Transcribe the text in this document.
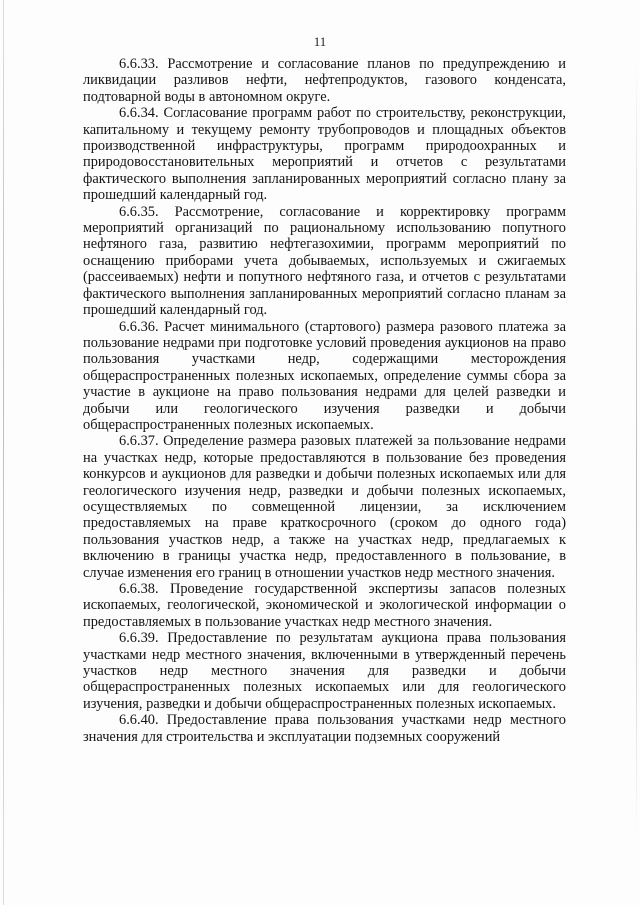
11

6.6.33. Рассмотрение и согласование планов по предупреждению и ликвидации разливов нефти, нефтепродуктов, газового конденсата, подтоварной воды в автономном округе.

6.6.34. Согласование программ работ по строительству, реконструкции, капитальному и текущему ремонту трубопроводов и площадных объектов производственной инфраструктуры, программ природоохранных и природовосстановительных мероприятий и отчетов с результатами фактического выполнения запланированных мероприятий согласно плану за прошедший календарный год.

6.6.35. Рассмотрение, согласование и корректировку программ мероприятий организаций по рациональному использованию попутного нефтяного газа, развитию нефтегазохимии, программ мероприятий по оснащению приборами учета добываемых, используемых и сжигаемых (рассеиваемых) нефти и попутного нефтяного газа, и отчетов с результатами фактического выполнения запланированных мероприятий согласно планам за прошедший календарный год.

6.6.36. Расчет минимального (стартового) размера разового платежа за пользование недрами при подготовке условий проведения аукционов на право пользования участками недр, содержащими месторождения общераспространенных полезных ископаемых, определение суммы сбора за участие в аукционе на право пользования недрами для целей разведки и добычи или геологического изучения разведки и добычи общераспространенных полезных ископаемых.

6.6.37. Определение размера разовых платежей за пользование недрами на участках недр, которые предоставляются в пользование без проведения конкурсов и аукционов для разведки и добычи полезных ископаемых или для геологического изучения недр, разведки и добычи полезных ископаемых, осуществляемых по совмещенной лицензии, за исключением предоставляемых на праве краткосрочного (сроком до одного года) пользования участков недр, а также на участках недр, предлагаемых к включению в границы участка недр, предоставленного в пользование, в случае изменения его границ в отношении участков недр местного значения.

6.6.38. Проведение государственной экспертизы запасов полезных ископаемых, геологической, экономической и экологической информации о предоставляемых в пользование участках недр местного значения.

6.6.39. Предоставление по результатам аукциона права пользования участками недр местного значения, включенными в утвержденный перечень участков недр местного значения для разведки и добычи общераспространенных полезных ископаемых или для геологического изучения, разведки и добычи общераспространенных полезных ископаемых.

6.6.40. Предоставление права пользования участками недр местного значения для строительства и эксплуатации подземных сооружений
